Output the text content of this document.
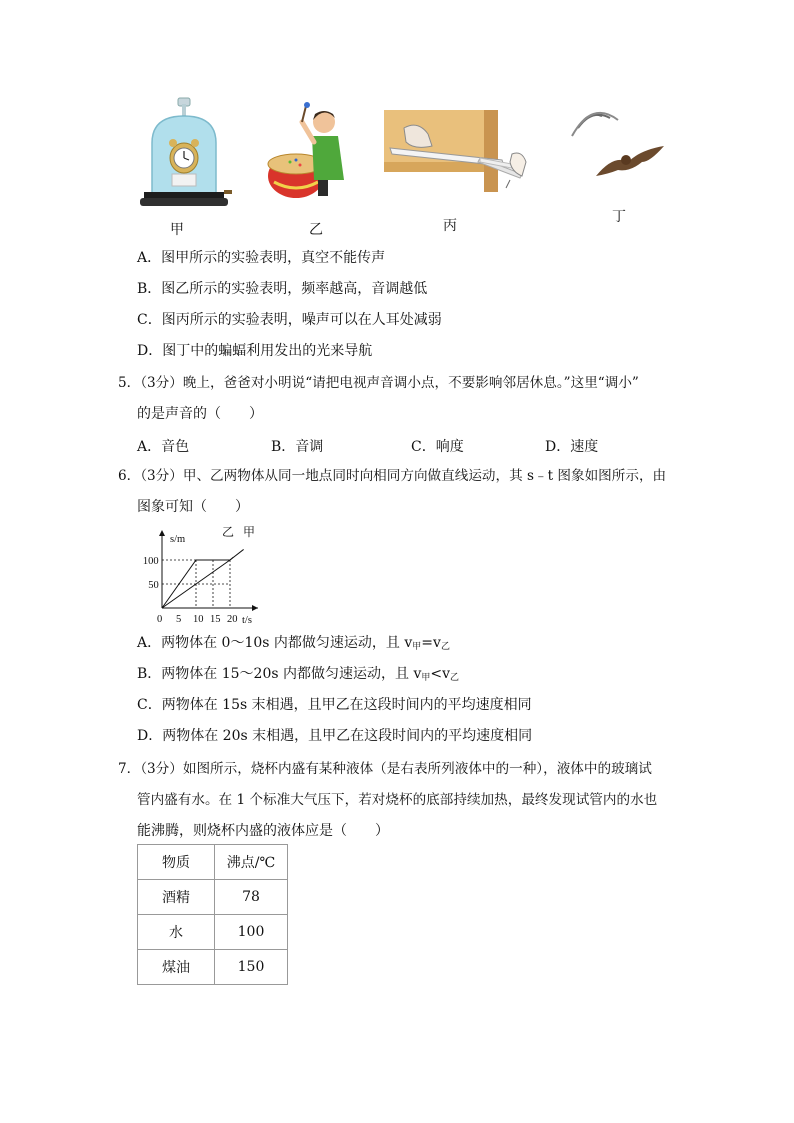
甲	乙	丙
丁
A．图甲所示的实验表明，真空不能传声
B．图乙所示的实验表明，频率越高，音调越低
C．图丙所示的实验表明，噪声可以在人耳处减弱
D．图丁中的蝙蝠利用发出的光来导航
5．（3分）晚上，爸爸对小明说“请把电视声音调小点，不要影响邻居休息。”这里“调小”
的是声音的（　　）
A．音色	B．音调	C．响度	D．速度
6．（3分）甲、乙两物体从同一地点同时向相同方向做直线运动，其 s﹣t 图象如图所示，由
图象可知（　　）
s/m
t/s
0 5 10 15 20
50
100
乙 甲
A．两物体在 0～10s 内都做匀速运动，且 $v_甲=v_乙$
B．两物体在 15～20s 内都做匀速运动，且 $v_甲<v_乙$
C．两物体在 15s 末相遇，且甲乙在这段时间内的平均速度相同
D．两物体在 20s 末相遇，且甲乙在这段时间内的平均速度相同
7．（3分）如图所示，烧杯内盛有某种液体（是右表所列液体中的一种），液体中的玻璃试
管内盛有水。在 1 个标准大气压下，若对烧杯的底部持续加热，最终发现试管内的水也
能沸腾，则烧杯内盛的液体应是（　　）
物质	沸点/℃
酒精	78
水	100
煤油	150
